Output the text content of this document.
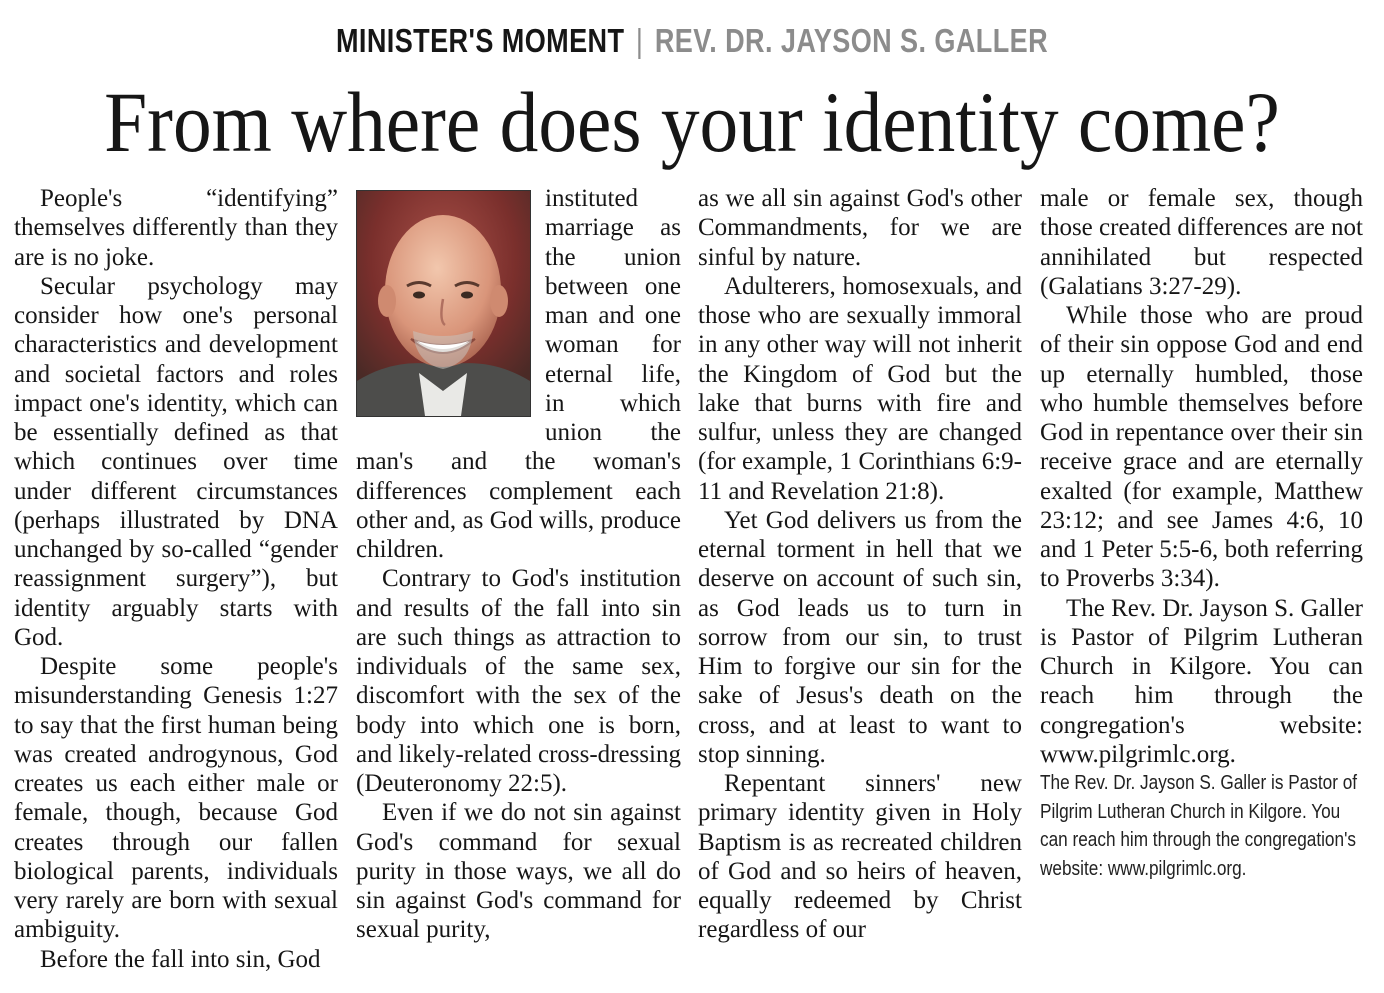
MINISTER'S MOMENT | REV. DR. JAYSON S. GALLER
From where does your identity come?

People's “identifying” themselves differently than they are is no joke.

Secular psychology may consider how one's personal characteristics and development and societal factors and roles impact one's identity, which can be essentially defined as that which continues over time under different circumstances (perhaps illustrated by DNA unchanged by so-called “gender reassignment surgery”), but identity arguably starts with God.

Despite some people's misunderstanding Genesis 1:27 to say that the first human being was created androgynous, God creates us each either male or female, though, because God creates through our fallen biological parents, individuals very rarely are born with sexual ambiguity.

Before the fall into sin, God

instituted marriage as the union between one man and one woman for eternal life, in which union the man's and the woman's differences complement each other and, as God wills, produce children.

Contrary to God's institution and results of the fall into sin are such things as attraction to individuals of the same sex, discomfort with the sex of the body into which one is born, and likely-related cross-dressing (Deuteronomy 22:5).

Even if we do not sin against God's command for sexual purity in those ways, we all do sin against God's command for sexual purity,

as we all sin against God's other Commandments, for we are sinful by nature.

Adulterers, homosexuals, and those who are sexually immoral in any other way will not inherit the Kingdom of God but the lake that burns with fire and sulfur, unless they are changed (for example, 1 Corinthians 6:9-11 and Revelation 21:8).

Yet God delivers us from the eternal torment in hell that we deserve on account of such sin, as God leads us to turn in sorrow from our sin, to trust Him to forgive our sin for the sake of Jesus's death on the cross, and at least to want to stop sinning.

Repentant sinners' new primary identity given in Holy Baptism is as recreated children of God and so heirs of heaven, equally redeemed by Christ regardless of our

male or female sex, though those created differences are not annihilated but respected (Galatians 3:27-29).

While those who are proud of their sin oppose God and end up eternally humbled, those who humble themselves before God in repentance over their sin receive grace and are eternally exalted (for example, Matthew 23:12; and see James 4:6, 10 and 1 Peter 5:5-6, both referring to Proverbs 3:34).

The Rev. Dr. Jayson S. Galler is Pastor of Pilgrim Lutheran Church in Kilgore. You can reach him through the congregation's website: www.pilgrimlc.org.

The Rev. Dr. Jayson S. Galler is Pastor of Pilgrim Lutheran Church in Kilgore. You can reach him through the congregation's website: www.pilgrimlc.org.
